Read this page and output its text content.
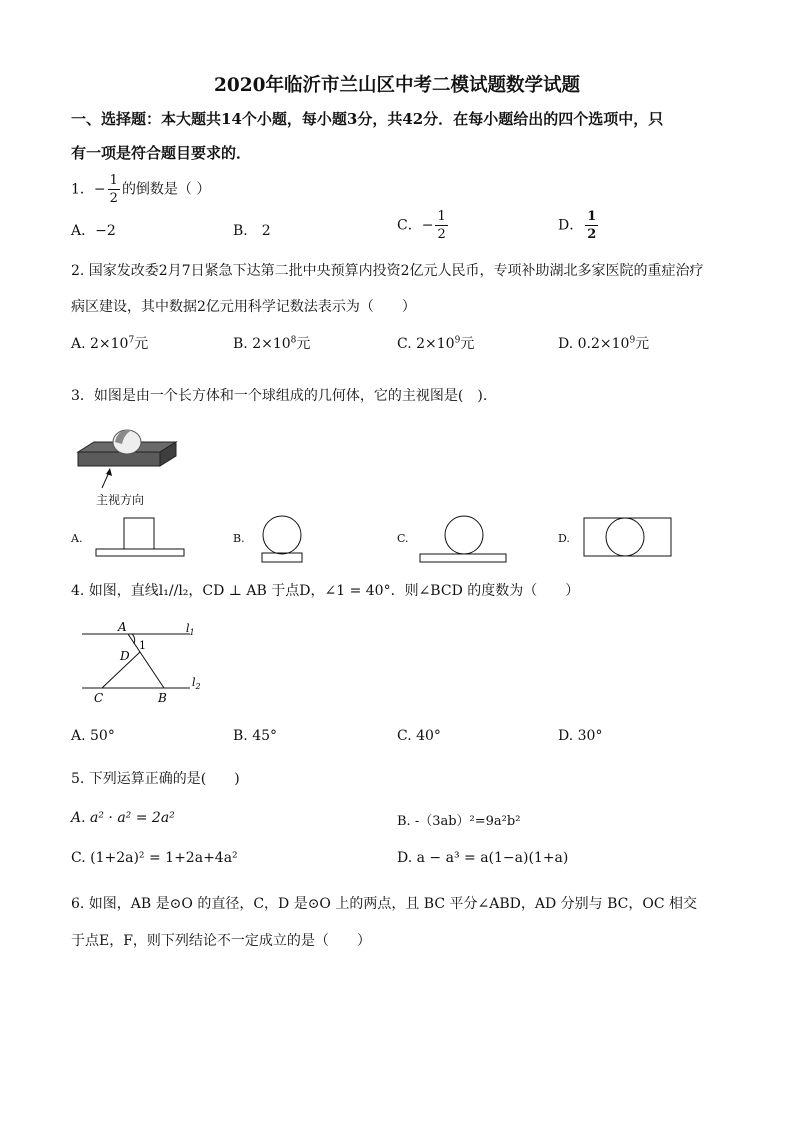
2020年临沂市兰山区中考二模试题数学试题
一、选择题：本大题共14个小题，每小题3分，共42分．在每小题给出的四个选项中，只
有一项是符合题目要求的．
1．− $\frac{1}{2}$ 的倒数是（ ）
A．−2	B． 2	C．− $\frac{1}{2}$	D． $\frac{1}{2}$
2. 国家发改委2月7日紧急下达第二批中央预算内投资2亿元人民币，专项补助湖北多家医院的重症治疗
病区建设，其中数据2亿元用科学记数法表示为（　　）
A. $2\times 10^7$元	B. $2\times 10^8$元	C. $2\times 10^9$元	D. $0.2\times 10^9$元
3．如图是由一个长方体和一个球组成的几何体，它的主视图是(　).
主视方向
A.	B.	C.	D.
4. 如图，直线l₁//l₂，CD ⊥ AB 于点D，∠1 = 40°．则∠BCD 的度数为（　　）
A
1
D
C	B
$l_1$
$l_2$
A. 50°	B. 45°	C. 40°	D. 30°
5. 下列运算正确的是(　　)
A. a² · a² = 2a²	B. -（3ab）²=9a²b²
C. (1+2a)² = 1+2a+4a²	D. a − a³ = a(1−a)(1+a)
6. 如图，AB 是⊙O 的直径，C，D 是⊙O 上的两点，且 BC 平分∠ABD，AD 分别与 BC，OC 相交
于点E，F，则下列结论不一定成立的是（　　）
